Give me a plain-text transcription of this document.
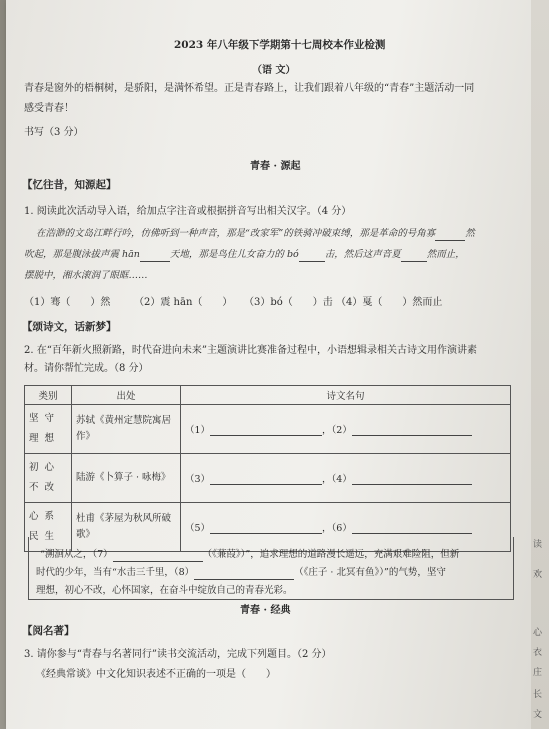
2023 年八年级下学期第十七周校本作业检测
（语 文）
青春是窗外的梧桐树，是骄阳，是满怀希望。正是青春路上，让我们跟着八年级的“青春”主题活动一同
感受青春！
书写（3 分）
青春 · 源起
【忆往昔，知源起】
1. 阅读此次活动导入语，给加点字注音或根据拼音写出相关汉字。（4 分）
在浩渺的文岛江畔行吟，仿佛听到一种声音，那是“改家军”的铁骑冲破束缚，那是革命的号角寡	然
吹起，那是腹泳拔声震 hān	天地，那是鸟住儿女奋力的 bó	击，然后这声音夏	然而止，
摆脱中，湘水滚润了眼眶……
（1）骞（　　）然 （2）震 hān（　　） （3）bó（　　）击 （4）戛（　　）然而止
【颂诗文，话新梦】
2. 在“百年新火照新路，时代奋进向未来”主题演讲比赛准备过程中，小语想辑录相关古诗文用作演讲素
材。请你帮忙完成。（8 分）
类别	出处	诗文名句
坚守理想	苏轼《黄州定慧院寓居作》	（1） ，（2）
初心不改	陆游《卜算子 · 咏梅》	（3） ，（4）
心系民生	杜甫《茅屋为秋风所破歌》	（5） ，（6）
“溯洄从之，（7）	（《蒹葭》）”，追求理想的道路漫长遥远，充满艰难险阻，但新
时代的少年，当有“水击三千里，（8）	（《庄子 · 北冥有鱼》）”的气势，坚守
理想，初心不改，心怀国家，在奋斗中绽放自己的青春光彩。
青春 · 经典
【阅名著】
3. 请你参与“青春与名著同行”读书交流活动，完成下列题目。（2 分）
《经典常谈》中文化知识表述不正确的一项是（　　）
读
欢
心
衣
庄
长
文
